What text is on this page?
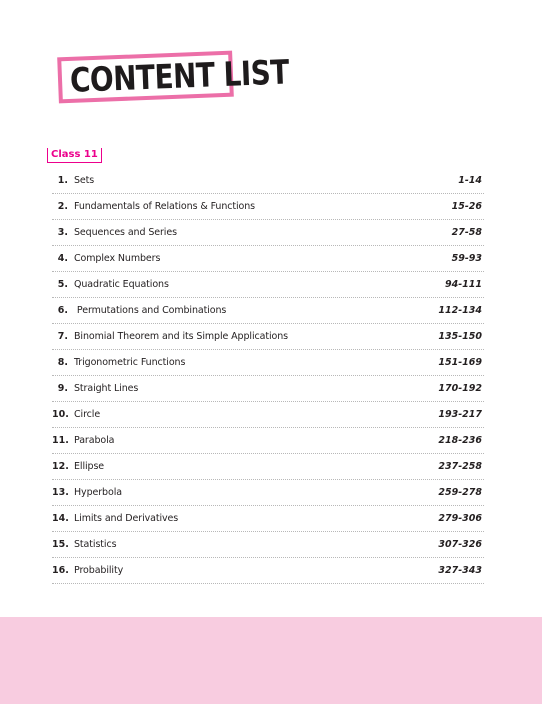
CONTENT LIST
Class 11
1. Sets	1-14
2. Fundamentals of Relations & Functions	15-26
3. Sequences and Series	27-58
4. Complex Numbers	59-93
5. Quadratic Equations	94-111
6. Permutations and Combinations	112-134
7. Binomial Theorem and its Simple Applications	135-150
8. Trigonometric Functions	151-169
9. Straight Lines	170-192
10. Circle	193-217
11. Parabola	218-236
12. Ellipse	237-258
13. Hyperbola	259-278
14. Limits and Derivatives	279-306
15. Statistics	307-326
16. Probability	327-343
